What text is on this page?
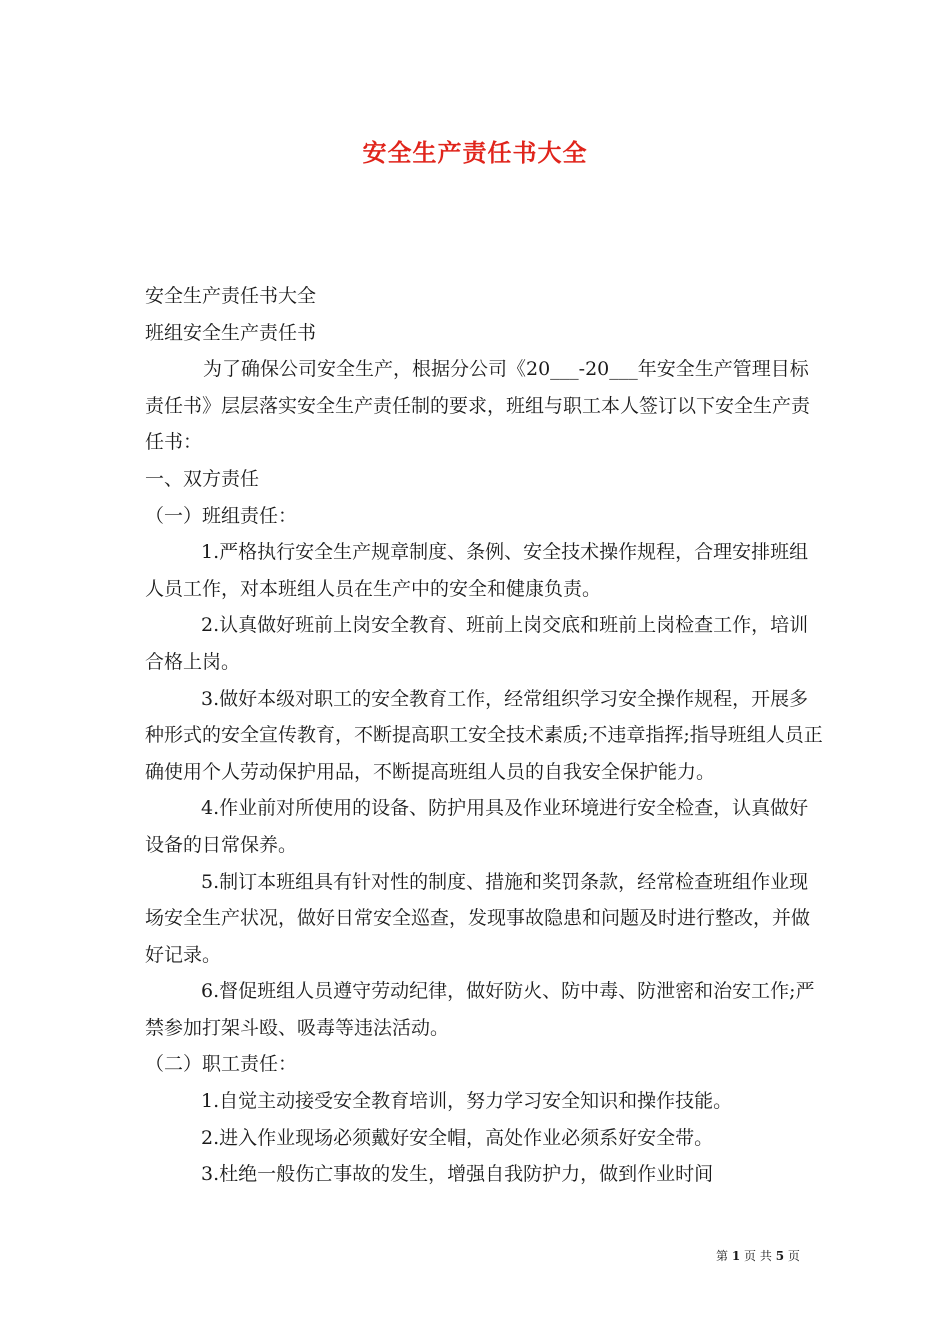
安全生产责任书大全

安全生产责任书大全

班组安全生产责任书

为了确保公司安全生产，根据分公司《20___-20___年安全生产管理目标责任书》层层落实安全生产责任制的要求，班组与职工本人签订以下安全生产责任书：

一、双方责任

（一）班组责任：

1.严格执行安全生产规章制度、条例、安全技术操作规程，合理安排班组人员工作，对本班组人员在生产中的安全和健康负责。

2.认真做好班前上岗安全教育、班前上岗交底和班前上岗检查工作，培训合格上岗。

3.做好本级对职工的安全教育工作，经常组织学习安全操作规程，开展多种形式的安全宣传教育，不断提高职工安全技术素质;不违章指挥;指导班组人员正确使用个人劳动保护用品，不断提高班组人员的自我安全保护能力。

4.作业前对所使用的设备、防护用具及作业环境进行安全检查，认真做好设备的日常保养。

5.制订本班组具有针对性的制度、措施和奖罚条款，经常检查班组作业现场安全生产状况，做好日常安全巡查，发现事故隐患和问题及时进行整改，并做好记录。

6.督促班组人员遵守劳动纪律，做好防火、防中毒、防泄密和治安工作;严禁参加打架斗殴、吸毒等违法活动。

（二）职工责任：

1.自觉主动接受安全教育培训，努力学习安全知识和操作技能。

2.进入作业现场必须戴好安全帽，高处作业必须系好安全带。

3.杜绝一般伤亡事故的发生，增强自我防护力，做到作业时间

第 1 页 共 5 页
